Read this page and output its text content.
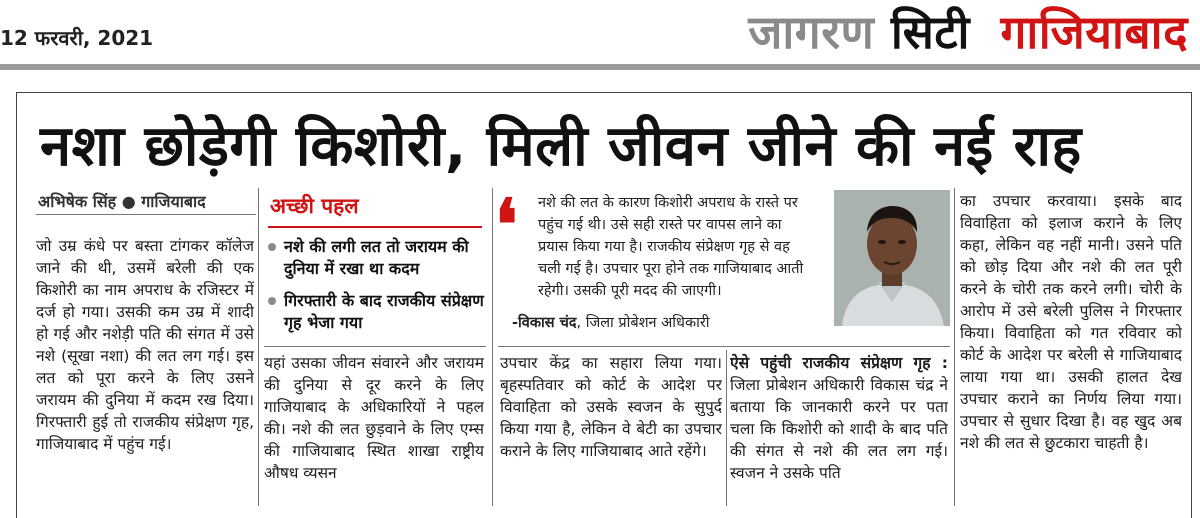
12 फरवरी, 2021	जागरण सिटी गाजियाबाद
नशा छोड़ेगी किशोरी, मिली जीवन जीने की नई राह
अभिषेक सिंह ● गाजियाबाद
जो उम्र कंधे पर बस्ता टांगकर कॉलेज जाने की थी, उसमें बरेली की एक किशोरी का नाम अपराध के रजिस्टर में दर्ज हो गया। उसकी कम उम्र में शादी हो गई और नशेड़ी पति की संगत में उसे नशे (सूखा नशा) की लत लग गई। इस लत को पूरा करने के लिए उसने जरायम की दुनिया में कदम रख दिया। गिरफ्तारी हुई तो राजकीय संप्रेक्षण गृह, गाजियाबाद में पहुंच गई।
अच्छी पहल
नशे की लगी लत तो जरायम की दुनिया में रखा था कदम
गिरफ्तारी के बाद राजकीय संप्रेक्षण गृह भेजा गया
यहां उसका जीवन संवारने और जरायम की दुनिया से दूर करने के लिए गाजियाबाद के अधिकारियों ने पहल की। नशे की लत छुड़वाने के लिए एम्स की गाजियाबाद स्थित शाखा राष्ट्रीय औषध व्यसन
❛ नशे की लत के कारण किशोरी अपराध के रास्ते पर पहुंच गई थी। उसे सही रास्ते पर वापस लाने का प्रयास किया गया है। राजकीय संप्रेक्षण गृह से वह चली गई है। उपचार पूरा होने तक गाजियाबाद आती रहेगी। उसकी पूरी मदद की जाएगी।
-विकास चंद, जिला प्रोबेशन अधिकारी
उपचार केंद्र का सहारा लिया गया। बृहस्पतिवार को कोर्ट के आदेश पर विवाहिता को उसके स्वजन के सुपुर्द किया गया है, लेकिन वे बेटी का उपचार कराने के लिए गाजियाबाद आते रहेंगे।
ऐसे पहुंची राजकीय संप्रेक्षण गृह : जिला प्रोबेशन अधिकारी विकास चंद्र ने बताया कि जानकारी करने पर पता चला कि किशोरी को शादी के बाद पति की संगत से नशे की लत लग गई। स्वजन ने उसके पति
का उपचार करवाया। इसके बाद विवाहिता को इलाज कराने के लिए कहा, लेकिन वह नहीं मानी। उसने पति को छोड़ दिया और नशे की लत पूरी करने के चोरी तक करने लगी। चोरी के आरोप में उसे बरेली पुलिस ने गिरफ्तार किया। विवाहिता को गत रविवार को कोर्ट के आदेश पर बरेली से गाजियाबाद लाया गया था। उसकी हालत देख उपचार कराने का निर्णय लिया गया। उपचार से सुधार दिखा है। वह खुद अब नशे की लत से छुटकारा चाहती है।
